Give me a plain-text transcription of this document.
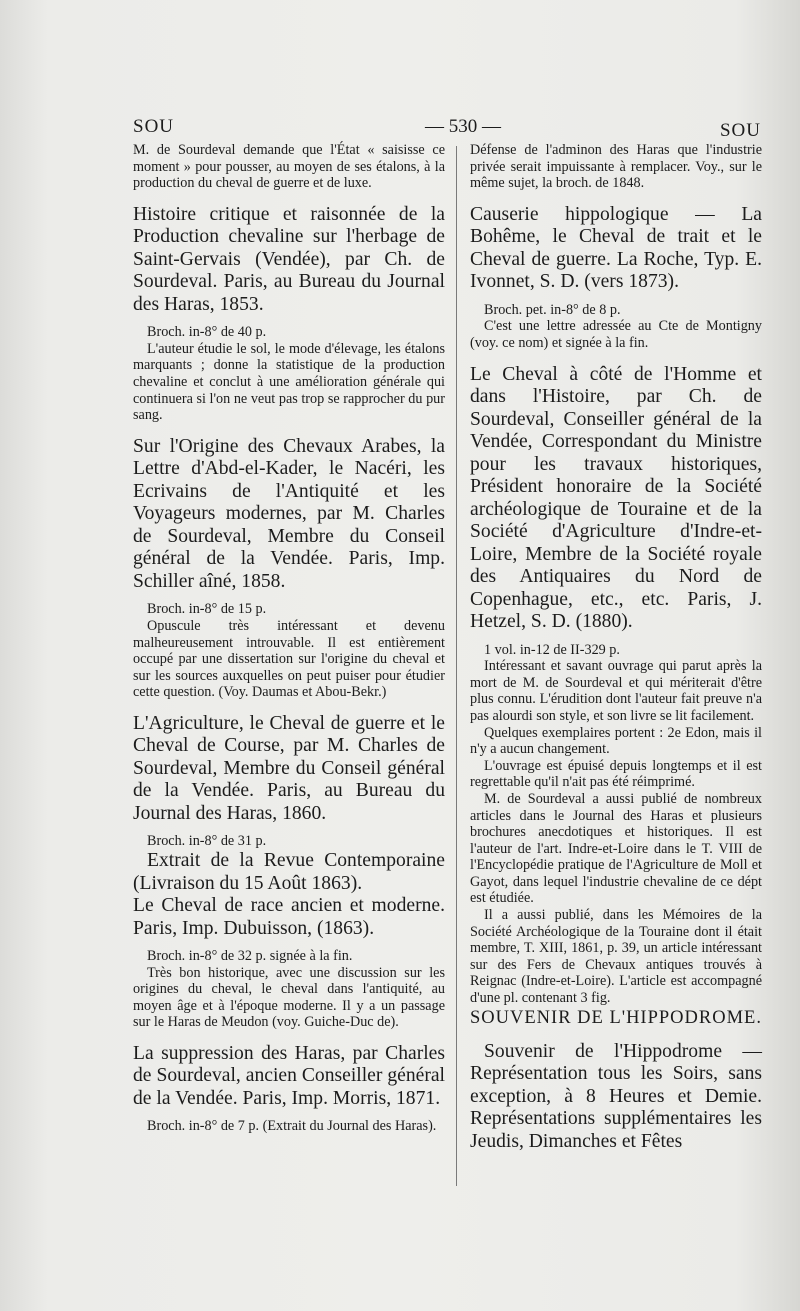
SOU	— 530 —	SOU

M. de Sourdeval demande que l'État « saisisse ce moment » pour pousser, au moyen de ses étalons, à la production du cheval de guerre et de luxe.

Histoire critique et raisonnée de la Production chevaline sur l'herbage de Saint-Gervais (Vendée), par Ch. de Sourdeval. Paris, au Bureau du Journal des Haras, 1853.

Broch. in-8° de 40 p.

L'auteur étudie le sol, le mode d'élevage, les étalons marquants ; donne la statistique de la production chevaline et conclut à une amélioration générale qui continuera si l'on ne veut pas trop se rapprocher du pur sang.

Sur l'Origine des Chevaux Arabes, la Lettre d'Abd-el-Kader, le Nacéri, les Ecrivains de l'Antiquité et les Voyageurs modernes, par M. Charles de Sourdeval, Membre du Conseil général de la Vendée. Paris, Imp. Schiller aîné, 1858.

Broch. in-8° de 15 p.

Opuscule très intéressant et devenu malheureusement introuvable. Il est entièrement occupé par une dissertation sur l'origine du cheval et sur les sources auxquelles on peut puiser pour étudier cette question. (Voy. Daumas et Abou-Bekr.)

L'Agriculture, le Cheval de guerre et le Cheval de Course, par M. Charles de Sourdeval, Membre du Conseil général de la Vendée. Paris, au Bureau du Journal des Haras, 1860.

Broch. in-8° de 31 p.

Extrait de la Revue Contemporaine (Livraison du 15 Août 1863).

Le Cheval de race ancien et moderne. Paris, Imp. Dubuisson, (1863).

Broch. in-8° de 32 p. signée à la fin.

Très bon historique, avec une discussion sur les origines du cheval, le cheval dans l'antiquité, au moyen âge et à l'époque moderne. Il y a un passage sur le Haras de Meudon (voy. Guiche-Duc de).

La suppression des Haras, par Charles de Sourdeval, ancien Conseiller général de la Vendée. Paris, Imp. Morris, 1871.

Broch. in-8° de 7 p. (Extrait du Journal des Haras).

Défense de l'adminon des Haras que l'industrie privée serait impuissante à remplacer. Voy., sur le même sujet, la broch. de 1848.

Causerie hippologique — La Bohême, le Cheval de trait et le Cheval de guerre. La Roche, Typ. E. Ivonnet, S. D. (vers 1873).

Broch. pet. in-8° de 8 p.

C'est une lettre adressée au Cte de Montigny (voy. ce nom) et signée à la fin.

Le Cheval à côté de l'Homme et dans l'Histoire, par Ch. de Sourdeval, Conseiller général de la Vendée, Correspondant du Ministre pour les travaux historiques, Président honoraire de la Société archéologique de Touraine et de la Société d'Agriculture d'Indre-et-Loire, Membre de la Société royale des Antiquaires du Nord de Copenhague, etc., etc. Paris, J. Hetzel, S. D. (1880).

1 vol. in-12 de II-329 p.

Intéressant et savant ouvrage qui parut après la mort de M. de Sourdeval et qui mériterait d'être plus connu. L'érudition dont l'auteur fait preuve n'a pas alourdi son style, et son livre se lit facilement.

Quelques exemplaires portent : 2e Edon, mais il n'y a aucun changement.

L'ouvrage est épuisé depuis longtemps et il est regrettable qu'il n'ait pas été réimprimé.

M. de Sourdeval a aussi publié de nombreux articles dans le Journal des Haras et plusieurs brochures anecdotiques et historiques. Il est l'auteur de l'art. Indre-et-Loire dans le T. VIII de l'Encyclopédie pratique de l'Agriculture de Moll et Gayot, dans lequel l'industrie chevaline de ce dépt est étudiée.

Il a aussi publié, dans les Mémoires de la Société Archéologique de la Touraine dont il était membre, T. XIII, 1861, p. 39, un article intéressant sur des Fers de Chevaux antiques trouvés à Reignac (Indre-et-Loire). L'article est accompagné d'une pl. contenant 3 fig.

SOUVENIR DE L'HIPPODROME.

Souvenir de l'Hippodrome — Représentation tous les Soirs, sans exception, à 8 Heures et Demie. Représentations supplémentaires les Jeudis, Dimanches et Fêtes
